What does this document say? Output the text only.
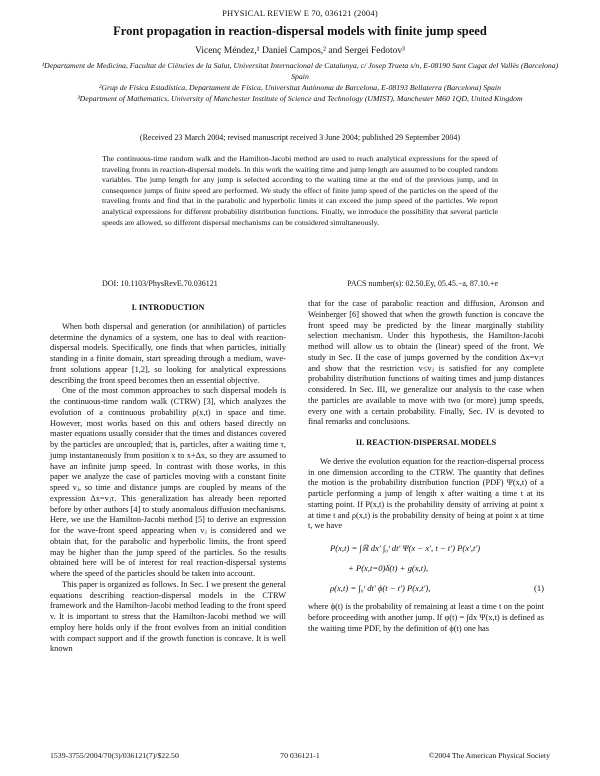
PHYSICAL REVIEW E 70, 036121 (2004)
Front propagation in reaction-dispersal models with finite jump speed
Vicenç Méndez,¹ Daniel Campos,² and Sergei Fedotov³

¹Departament de Medicina, Facultat de Ciències de la Salut, Universitat Internacional de Catalunya, c/ Josep Trueta s/n, E-08190 Sant Cugat del Vallès (Barcelona) Spain

²Grup de Física Estadística, Departament de Física, Universitat Autònoma de Barcelona, E-08193 Bellaterra (Barcelona) Spain

³Department of Mathematics, University of Manchester Institute of Science and Technology (UMIST), Manchester M60 1QD, United Kingdom

(Received 23 March 2004; revised manuscript received 3 June 2004; published 29 September 2004)

The continuous-time random walk and the Hamilton-Jacobi method are used to reach analytical expressions for the speed of traveling fronts in reaction-dispersal models. In this work the waiting time and jump length are assumed to be coupled random variables. The jump length for any jump is selected according to the waiting time at the end of the previous jump, and in consequence jumps of finite speed are performed. We study the effect of finite jump speed of the particles on the speed of the traveling fronts and find that in the parabolic and hyperbolic limits it can exceed the jump speed of the particles. We report analytical expressions for different probability distribution functions. Finally, we introduce the possibility that several particle speeds are allowed, so different dispersal mechanisms can be considered simultaneously.

DOI: 10.1103/PhysRevE.70.036121	PACS number(s): 02.50.Ey, 05.45.−a, 87.10.+e
I. INTRODUCTION

When both dispersal and generation (or annihilation) of particles determine the dynamics of a system, one has to deal with reaction-dispersal models. Specifically, one finds that when particles, initially standing in a finite domain, start spreading through a medium, wave-front solutions appear [1,2], so looking for analytical expressions describing the front speed becomes then an essential objective.

One of the most common approaches to such dispersal models is the continuous-time random walk (CTRW) [3], which analyzes the evolution of a continuous probability ρ(x,t) in space and time. However, most works based on this and others based directly on master equations usually consider that the times and distances covered by the particles are uncoupled; that is, particles, after a waiting time τ, jump instantaneously from position x to x+Δx, so they are assumed to have an infinite jump speed. In contrast with those works, in this paper we analyze the case of particles moving with a constant finite speed vⱼ, so time and distance jumps are coupled by means of the expression Δx=vⱼτ. This generalization has already been reported before by other authors [4] to study anomalous diffusion mechanisms. Here, we use the Hamilton-Jacobi method [5] to derive an expression for the wave-front speed appearing when vⱼ is considered and we obtain that, for the parabolic and hyperbolic limits, the front speed may be higher than the jump speed of the particles. So the results obtained here will be of interest for real reaction-dispersal systems where the speed of the particles should be taken into account.

This paper is organized as follows. In Sec. I we present the general equations describing reaction-dispersal models in the CTRW framework and the Hamilton-Jacobi method leading to the front speed v. It is important to stress that the Hamilton-Jacobi method we will employ here holds only if the front evolves from an initial condition with compact support and if the growth function is concave. It is well known

that for the case of parabolic reaction and diffusion, Aronson and Weinberger [6] showed that when the growth function is concave the front speed may be predicted by the linear marginally stability selection mechanism. Under this hypothesis, the Hamilton-Jacobi method will allow us to obtain the (linear) speed of the front. We study in Sec. II the case of jumps governed by the condition Δx=vⱼτ and show that the restriction v≤vⱼ is satisfied for any complete probability distribution functions of waiting times and jump distances considered. In Sec. III, we generalize our analysis to the case when the particles are available to move with two (or more) jump speeds, every one with a certain probability. Finally, Sec. IV is devoted to final remarks and conclusions.

II. REACTION-DISPERSAL MODELS

We derive the evolution equation for the reaction-dispersal process in one dimension according to the CTRW. The quantity that defines the motion is the probability distribution function (PDF) Ψ(x,t) of a particle performing a jump of length x after waiting a time t at its starting point. If P(x,t) is the probability density of arriving at point x at time t and ρ(x,t) is the probability density of being at point x at time t, we have

P(x,t) = ∫ℝ dx′ ∫₀ᵗ dt′ Ψ(x − x′, t − t′) P(x′,t′)
+ P(x,t=0)δ(t) + g(x,t),
ρ(x,t) = ∫₀ᵗ dt′ ϕ(t − t′) P(x,t′),	(1)

where ϕ(t) is the probability of remaining at least a time t on the point before proceeding with another jump. If φ(t) = ∫dx Ψ(x,t) is defined as the waiting time PDF, by the definition of ϕ(t) one has

1539-3755/2004/70(3)/036121(7)/$22.50	70 036121-1	©2004 The American Physical Society
